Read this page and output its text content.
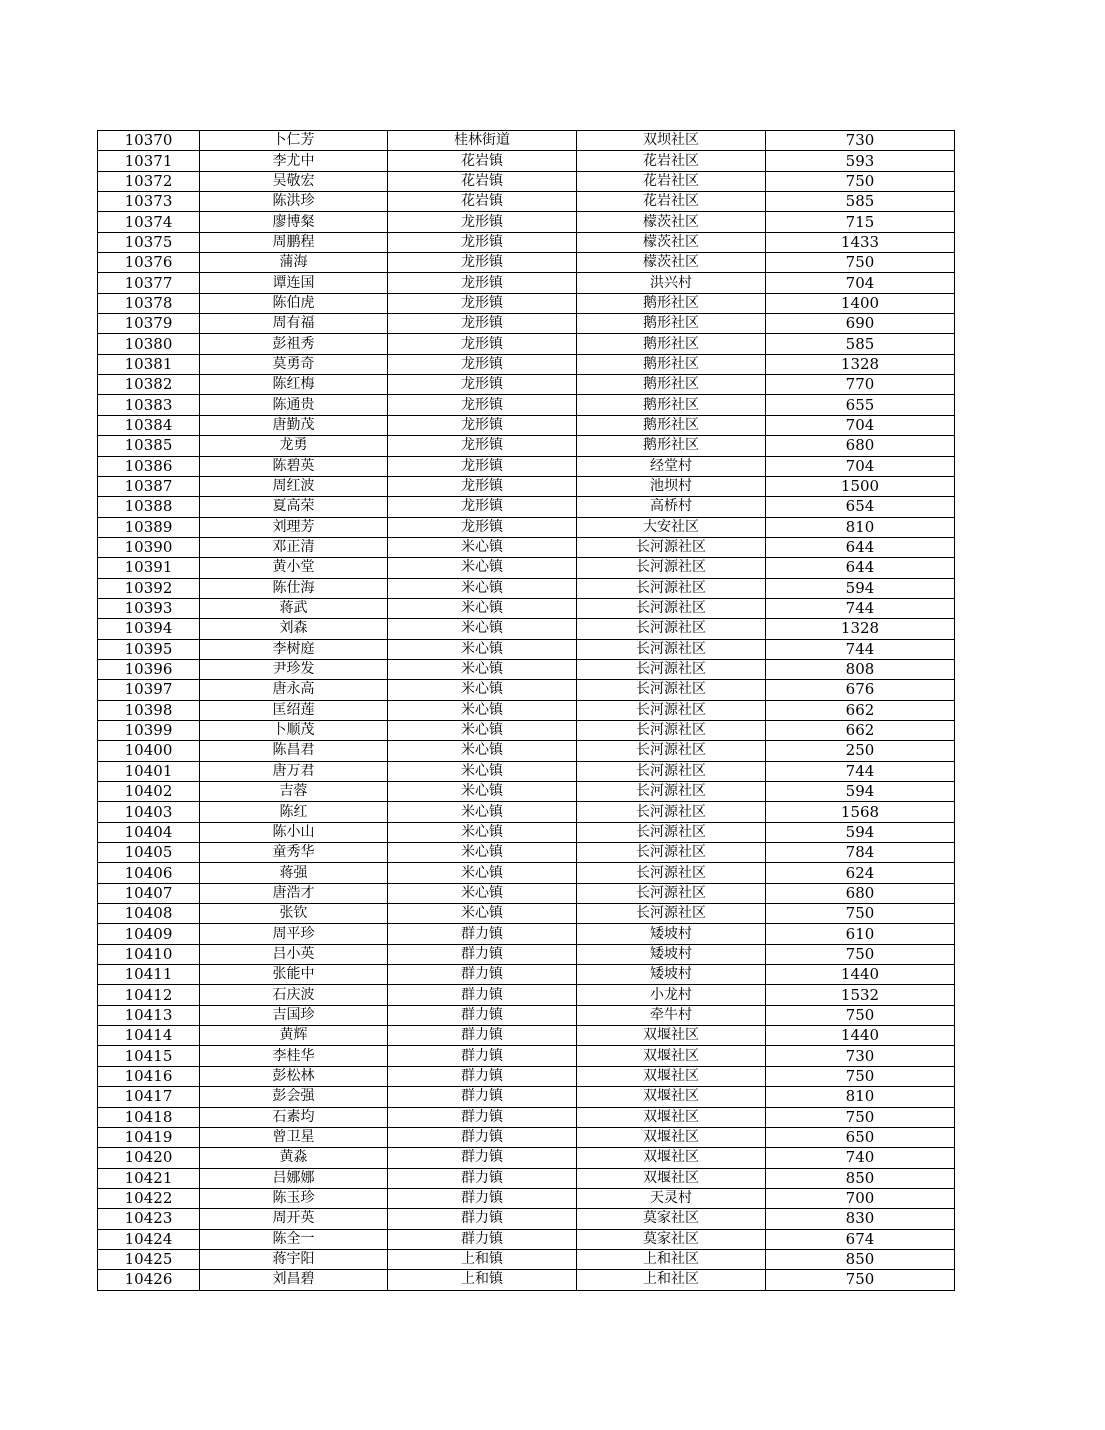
10370	卜仁芳	桂林街道	双坝社区	730
10371	李尤中	花岩镇	花岩社区	593
10372	吴敬宏	花岩镇	花岩社区	750
10373	陈洪珍	花岩镇	花岩社区	585
10374	廖博粲	龙形镇	檬茨社区	715
10375	周鹏程	龙形镇	檬茨社区	1433
10376	蒲海	龙形镇	檬茨社区	750
10377	谭连国	龙形镇	洪兴村	704
10378	陈伯虎	龙形镇	鹅形社区	1400
10379	周有福	龙形镇	鹅形社区	690
10380	彭祖秀	龙形镇	鹅形社区	585
10381	莫勇奇	龙形镇	鹅形社区	1328
10382	陈红梅	龙形镇	鹅形社区	770
10383	陈通贵	龙形镇	鹅形社区	655
10384	唐勤茂	龙形镇	鹅形社区	704
10385	龙勇	龙形镇	鹅形社区	680
10386	陈碧英	龙形镇	经堂村	704
10387	周红波	龙形镇	池坝村	1500
10388	夏高荣	龙形镇	高桥村	654
10389	刘理芳	龙形镇	大安社区	810
10390	邓正清	米心镇	长河源社区	644
10391	黄小堂	米心镇	长河源社区	644
10392	陈仕海	米心镇	长河源社区	594
10393	蒋武	米心镇	长河源社区	744
10394	刘森	米心镇	长河源社区	1328
10395	李树庭	米心镇	长河源社区	744
10396	尹珍发	米心镇	长河源社区	808
10397	唐永高	米心镇	长河源社区	676
10398	匡绍莲	米心镇	长河源社区	662
10399	卜顺茂	米心镇	长河源社区	662
10400	陈昌君	米心镇	长河源社区	250
10401	唐万君	米心镇	长河源社区	744
10402	吉蓉	米心镇	长河源社区	594
10403	陈红	米心镇	长河源社区	1568
10404	陈小山	米心镇	长河源社区	594
10405	童秀华	米心镇	长河源社区	784
10406	蒋强	米心镇	长河源社区	624
10407	唐浩才	米心镇	长河源社区	680
10408	张钦	米心镇	长河源社区	750
10409	周平珍	群力镇	矮坡村	610
10410	吕小英	群力镇	矮坡村	750
10411	张能中	群力镇	矮坡村	1440
10412	石庆波	群力镇	小龙村	1532
10413	吉国珍	群力镇	牵牛村	750
10414	黄辉	群力镇	双堰社区	1440
10415	李桂华	群力镇	双堰社区	730
10416	彭松林	群力镇	双堰社区	750
10417	彭会强	群力镇	双堰社区	810
10418	石素均	群力镇	双堰社区	750
10419	曾卫星	群力镇	双堰社区	650
10420	黄淼	群力镇	双堰社区	740
10421	吕娜娜	群力镇	双堰社区	850
10422	陈玉珍	群力镇	天灵村	700
10423	周开英	群力镇	莫家社区	830
10424	陈全一	群力镇	莫家社区	674
10425	蒋宇阳	上和镇	上和社区	850
10426	刘昌碧	上和镇	上和社区	750
